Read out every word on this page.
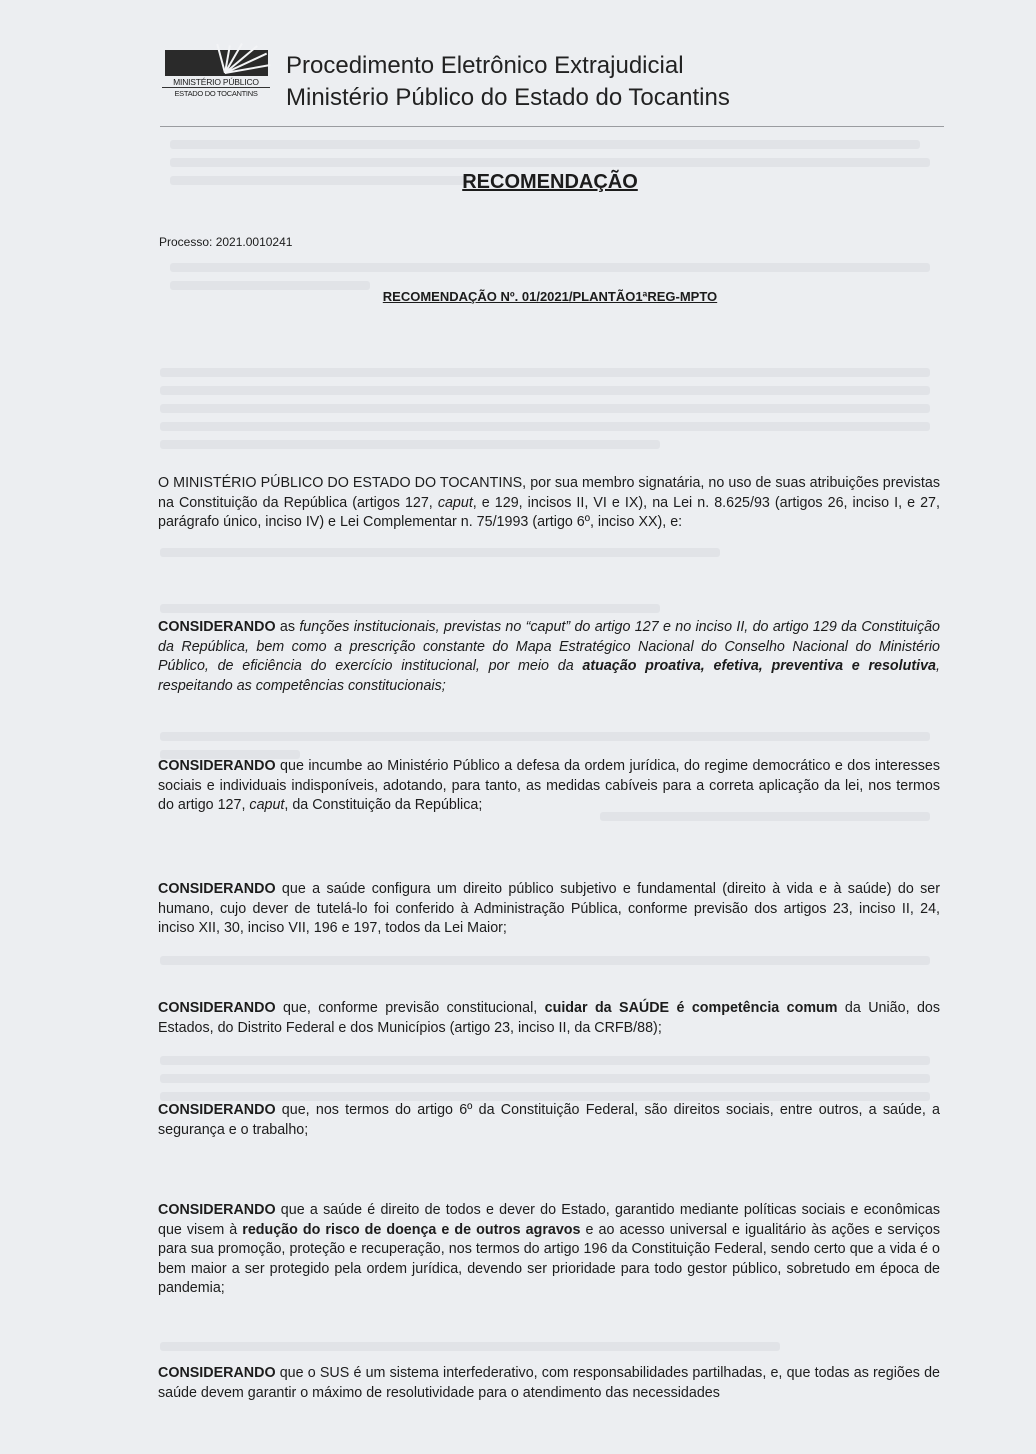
MINISTÉRIO PÚBLICO
ESTADO DO TOCANTINS
Procedimento Eletrônico Extrajudicial
Ministério Público do Estado do Tocantins
RECOMENDAÇÃO
Processo: 2021.0010241
RECOMENDAÇÃO Nº. 01/2021/PLANTÃO1ªREG-MPTO
O MINISTÉRIO PÚBLICO DO ESTADO DO TOCANTINS, por sua membro signatária, no uso de suas atribuições previstas na Constituição da República (artigos 127, caput, e 129, incisos II, VI e IX), na Lei n. 8.625/93 (artigos 26, inciso I, e 27, parágrafo único, inciso IV) e Lei Complementar n. 75/1993 (artigo 6º, inciso XX), e:
CONSIDERANDO as funções institucionais, previstas no “caput” do artigo 127 e no inciso II, do artigo 129 da Constituição da República, bem como a prescrição constante do Mapa Estratégico Nacional do Conselho Nacional do Ministério Público, de eficiência do exercício institucional, por meio da atuação proativa, efetiva, preventiva e resolutiva, respeitando as competências constitucionais;
CONSIDERANDO que incumbe ao Ministério Público a defesa da ordem jurídica, do regime democrático e dos interesses sociais e individuais indisponíveis, adotando, para tanto, as medidas cabíveis para a correta aplicação da lei, nos termos do artigo 127, caput, da Constituição da República;
CONSIDERANDO que a saúde configura um direito público subjetivo e fundamental (direito à vida e à saúde) do ser humano, cujo dever de tutelá-lo foi conferido à Administração Pública, conforme previsão dos artigos 23, inciso II, 24, inciso XII, 30, inciso VII, 196 e 197, todos da Lei Maior;
CONSIDERANDO que, conforme previsão constitucional, cuidar da SAÚDE é competência comum da União, dos Estados, do Distrito Federal e dos Municípios (artigo 23, inciso II, da CRFB/88);
CONSIDERANDO que, nos termos do artigo 6º da Constituição Federal, são direitos sociais, entre outros, a saúde, a segurança e o trabalho;
CONSIDERANDO que a saúde é direito de todos e dever do Estado, garantido mediante políticas sociais e econômicas que visem à redução do risco de doença e de outros agravos e ao acesso universal e igualitário às ações e serviços para sua promoção, proteção e recuperação, nos termos do artigo 196 da Constituição Federal, sendo certo que a vida é o bem maior a ser protegido pela ordem jurídica, devendo ser prioridade para todo gestor público, sobretudo em época de pandemia;
CONSIDERANDO que o SUS é um sistema interfederativo, com responsabilidades partilhadas, e, que todas as regiões de saúde devem garantir o máximo de resolutividade para o atendimento das necessidades
